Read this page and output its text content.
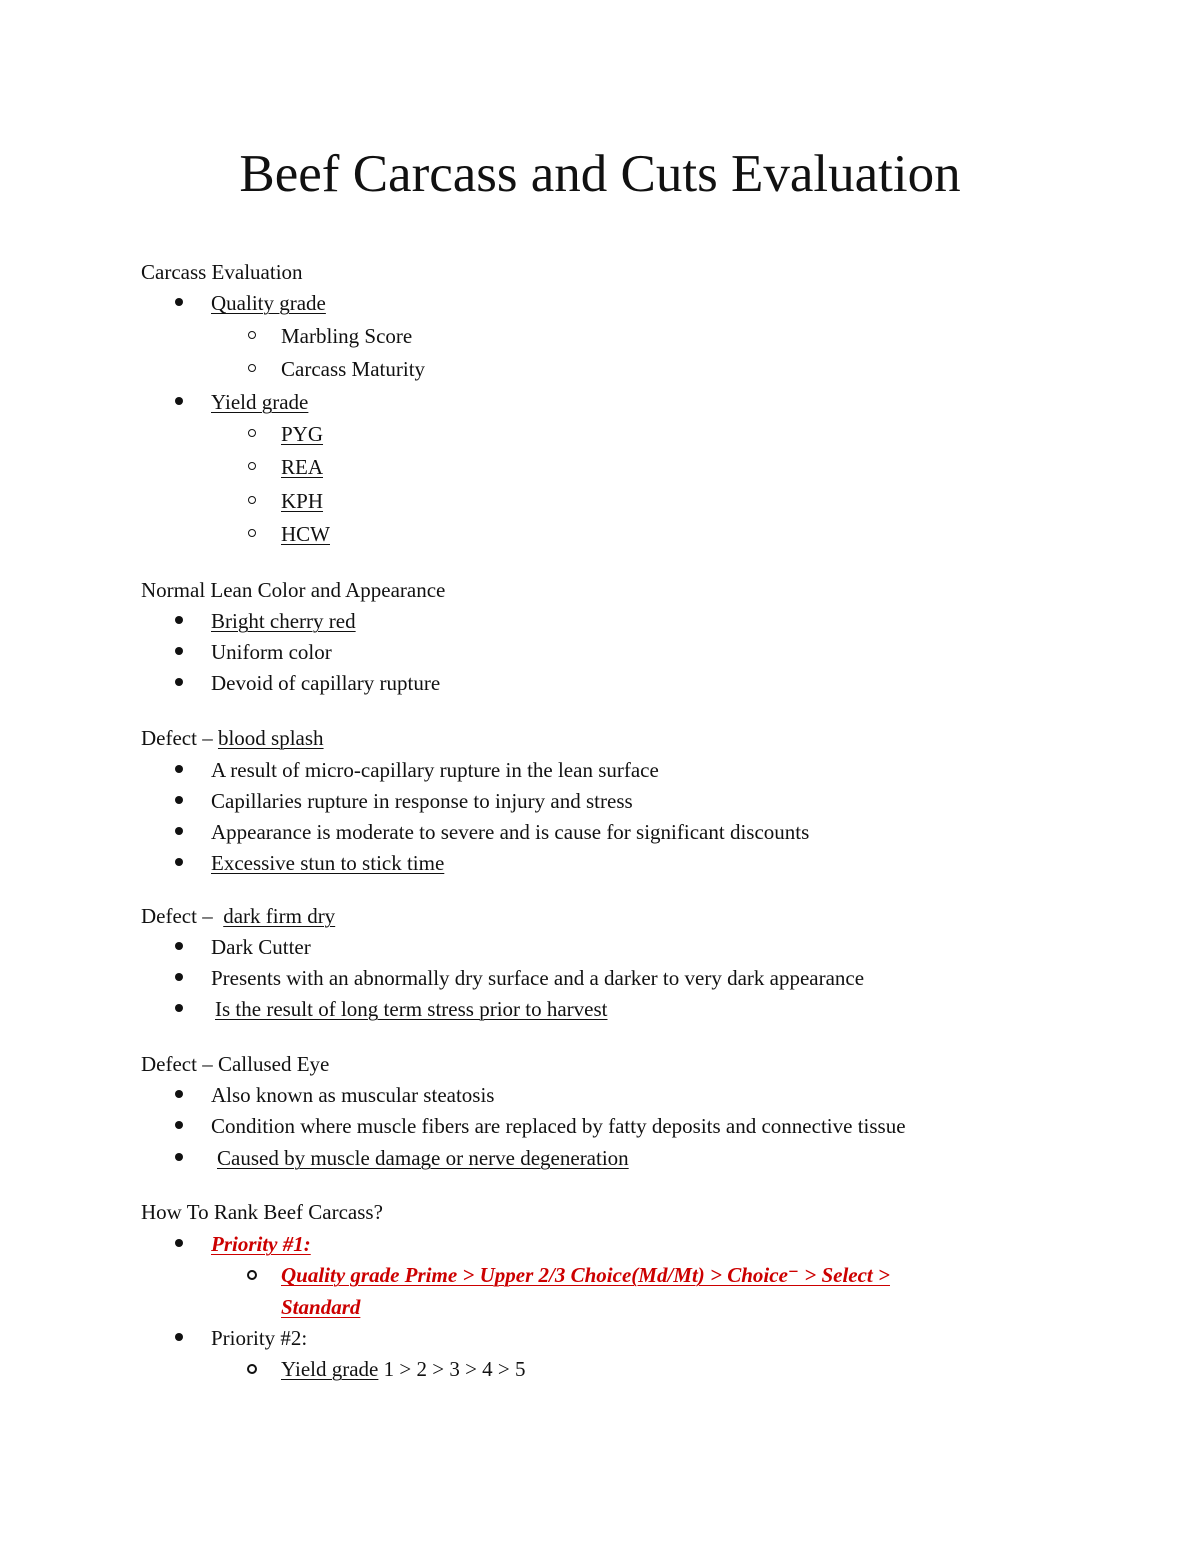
Beef Carcass and Cuts Evaluation
Carcass Evaluation
Quality grade
Marbling Score
Carcass Maturity
Yield grade
PYG
REA
KPH
HCW
Normal Lean Color and Appearance
Bright cherry red
Uniform color
Devoid of capillary rupture
Defect – blood splash
A result of micro-capillary rupture in the lean surface
Capillaries rupture in response to injury and stress
Appearance is moderate to severe and is cause for significant discounts
Excessive stun to stick time
Defect –  dark firm dry
Dark Cutter
Presents with an abnormally dry surface and a darker to very dark appearance
Is the result of long term stress prior to harvest
Defect – Callused Eye
Also known as muscular steatosis
Condition where muscle fibers are replaced by fatty deposits and connective tissue
Caused by muscle damage or nerve degeneration
How To Rank Beef Carcass?
Priority #1:
Quality grade Prime > Upper 2/3 Choice(Md/Mt) > Choice⁻ > Select >
Standard
Priority #2:
Yield grade 1 > 2 > 3 > 4 > 5
